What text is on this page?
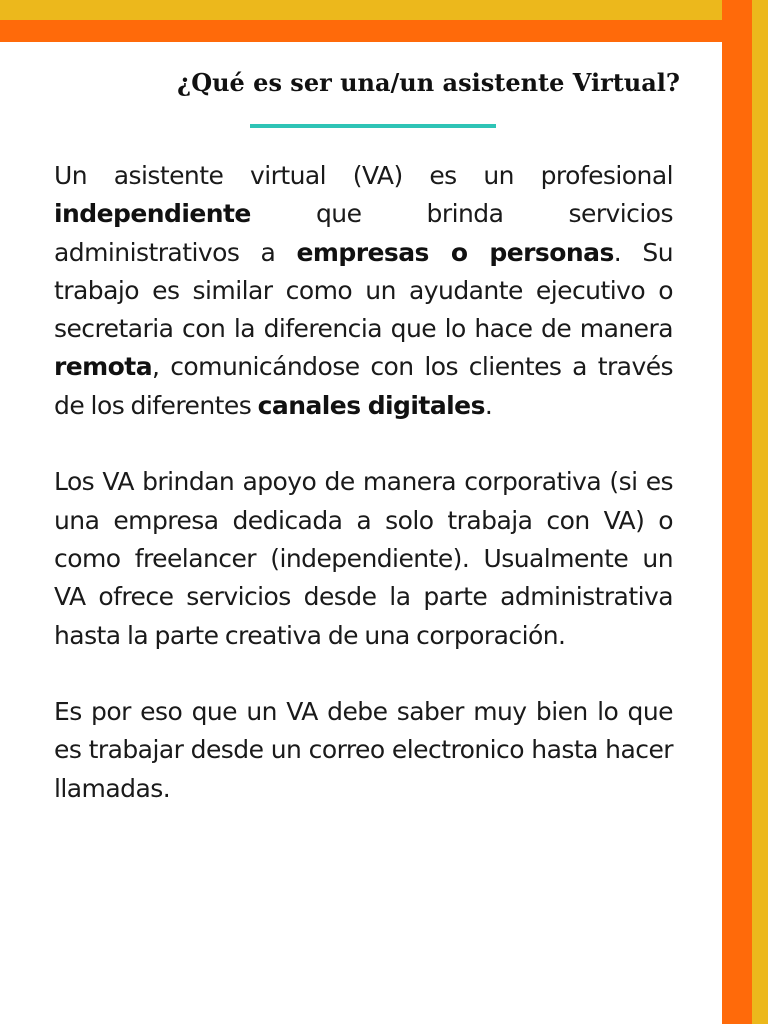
¿Qué es ser una/un asistente Virtual?

Un asistente virtual (VA) es un profesional independiente que brinda servicios administrativos a empresas o personas. Su trabajo es similar como un ayudante ejecutivo o secretaria con la diferencia que lo hace de manera remota, comunicándose con los clientes a través de los diferentes canales digitales.

Los VA brindan apoyo de manera corporativa (si es una empresa dedicada a solo trabaja con VA) o como freelancer (independiente). Usualmente un VA ofrece servicios desde la parte administrativa hasta la parte creativa de una corporación.

Es por eso que un VA debe saber muy bien lo que es trabajar desde un correo electronico hasta hacer llamadas.
